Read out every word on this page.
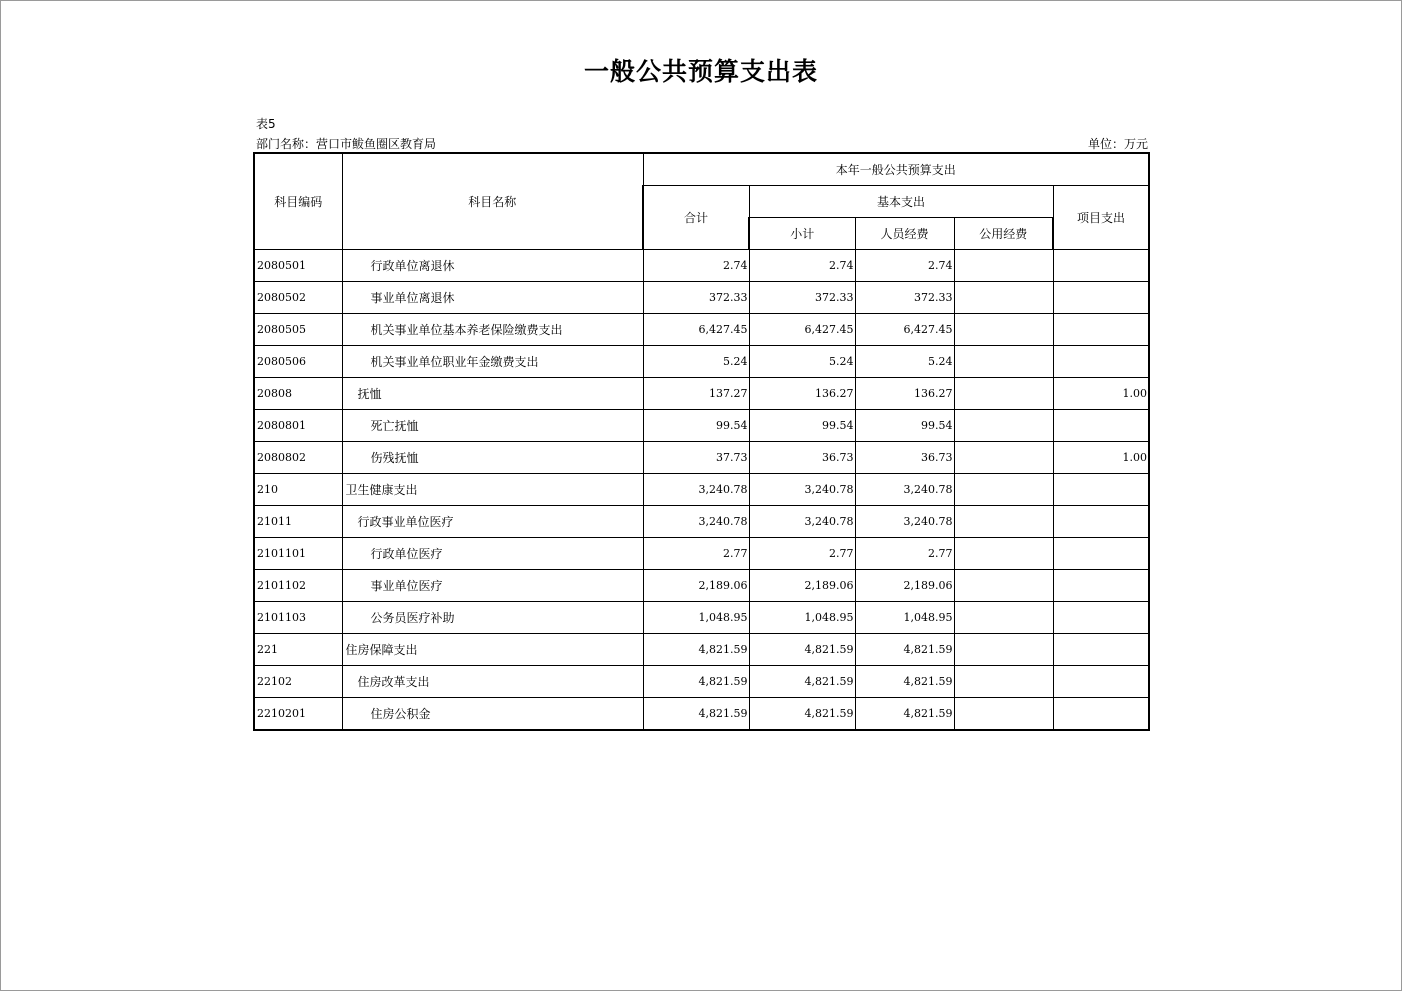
一般公共预算支出表
表5
部门名称：营口市鲅鱼圈区教育局	单位：万元
科目编码	科目名称	本年一般公共预算支出				
		合计	基本支出			项目支出
			小计	人员经费	公用经费	
2080501	行政单位离退休	2.74	2.74	2.74		
2080502	事业单位离退休	372.33	372.33	372.33		
2080505	机关事业单位基本养老保险缴费支出	6,427.45	6,427.45	6,427.45		
2080506	机关事业单位职业年金缴费支出	5.24	5.24	5.24		
20808	抚恤	137.27	136.27	136.27		1.00
2080801	死亡抚恤	99.54	99.54	99.54		
2080802	伤残抚恤	37.73	36.73	36.73		1.00
210	卫生健康支出	3,240.78	3,240.78	3,240.78		
21011	行政事业单位医疗	3,240.78	3,240.78	3,240.78		
2101101	行政单位医疗	2.77	2.77	2.77		
2101102	事业单位医疗	2,189.06	2,189.06	2,189.06		
2101103	公务员医疗补助	1,048.95	1,048.95	1,048.95		
221	住房保障支出	4,821.59	4,821.59	4,821.59		
22102	住房改革支出	4,821.59	4,821.59	4,821.59		
2210201	住房公积金	4,821.59	4,821.59	4,821.59		
